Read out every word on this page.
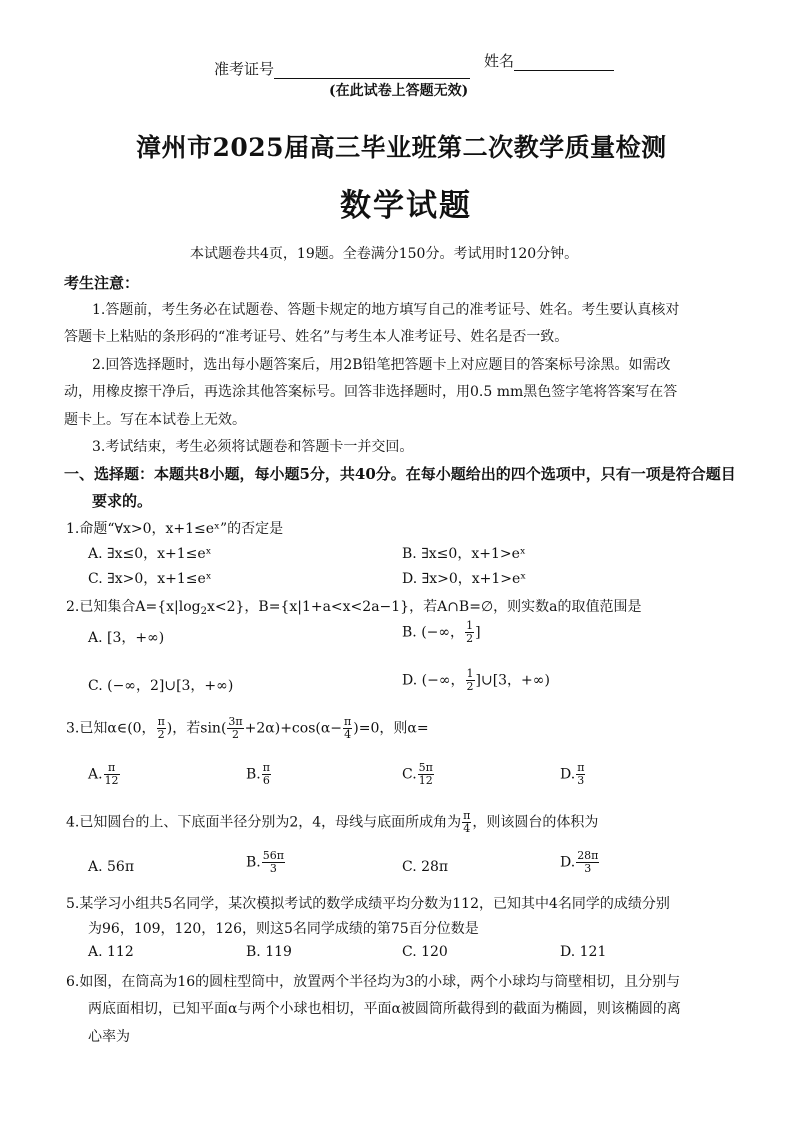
准考证号	姓名
(在此试卷上答题无效)
漳州市2025届高三毕业班第二次教学质量检测
数学试题
本试题卷共4页，19题。全卷满分150分。考试用时120分钟。
考生注意：
1.答题前，考生务必在试题卷、答题卡规定的地方填写自己的准考证号、姓名。考生要认真核对
答题卡上粘贴的条形码的“准考证号、姓名”与考生本人准考证号、姓名是否一致。
2.回答选择题时，选出每小题答案后，用2B铅笔把答题卡上对应题目的答案标号涂黑。如需改
动，用橡皮擦干净后，再选涂其他答案标号。回答非选择题时，用0.5 mm黑色签字笔将答案写在答
题卡上。写在本试卷上无效。
3.考试结束，考生必须将试题卷和答题卡一并交回。
一、选择题：本题共8小题，每小题5分，共40分。在每小题给出的四个选项中，只有一项是符合题目
要求的。
1.命题“∀x>0，x+1≤eˣ”的否定是
A. ∃x≤0，x+1≤eˣ	B. ∃x≤0，x+1>eˣ
C. ∃x>0，x+1≤eˣ	D. ∃x>0，x+1>eˣ
2.已知集合$A=\{x|\log_2x<2\}$，B={x|1+a<x<2a−1}，若A∩B=∅，则实数a的取值范围是
A. [3，+∞)	B. (−∞， $\frac{1}{2}$ ]
C. (−∞，2]∪[3，+∞)	D. (−∞， $\frac{1}{2}$ ]∪[3，+∞)
3.已知α∈(0， $\frac{\pi}{2}$ )，若$\sin( \frac{3\pi}{2} +2\alpha)+\cos(\alpha- \frac{\pi}{4} )=0$，则α=
A. $\frac{\pi}{12}$	B. $\frac{\pi}{6}$	C. $\frac{5\pi}{12}$	D. $\frac{\pi}{3}$
4.已知圆台的上、下底面半径分别为2，4，母线与底面所成角为 $\frac{\pi}{4}$ ，则该圆台的体积为
A. 56π	B. $\frac{56\pi}{3}$	C. 28π	D. $\frac{28\pi}{3}$
5.某学习小组共5名同学，某次模拟考试的数学成绩平均分数为112，已知其中4名同学的成绩分别
为96，109，120，126，则这5名同学成绩的第75百分位数是
A. 112	B. 119	C. 120	D. 121
6.如图，在筒高为16的圆柱型筒中，放置两个半径均为3的小球，两个小球均与筒壁相切，且分别与
两底面相切，已知平面α与两个小球也相切，平面α被圆筒所截得到的截面为椭圆，则该椭圆的离
心率为
